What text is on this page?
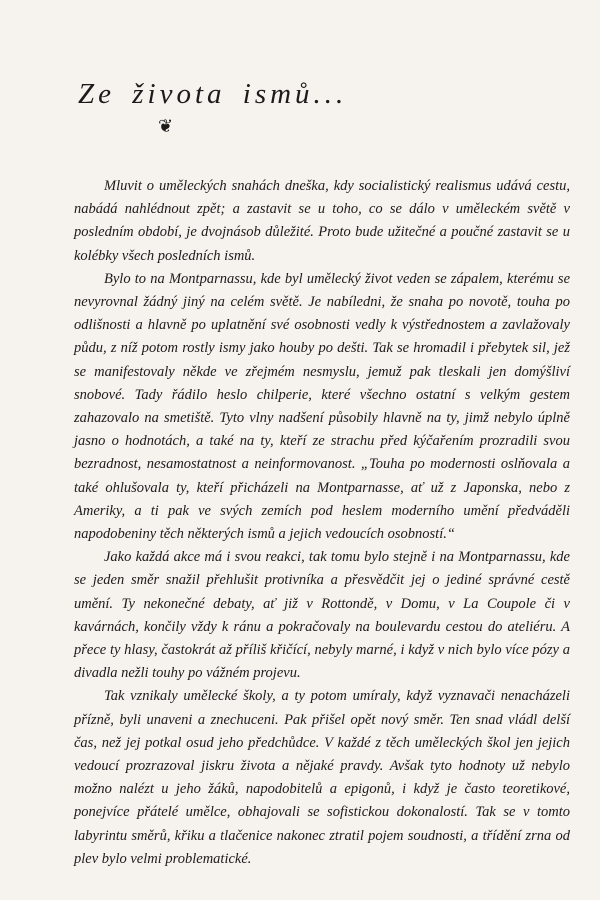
Ze života ismů...
❦

Mluvit o uměleckých snahách dneška, kdy socialistický realismus udává cestu, nabádá nahlédnout zpět; a zastavit se u toho, co se dálo v uměleckém světě v posledním období, je dvojnásob důležité. Proto bude užitečné a poučné zastavit se u kolébky všech posledních ismů.

Bylo to na Montparnassu, kde byl umělecký život veden se zápalem, kterému se nevyrovnal žádný jiný na celém světě. Je nabíledni, že snaha po novotě, touha po odlišnosti a hlavně po uplatnění své osobnosti vedly k výstřednostem a zavlažovaly půdu, z níž potom rostly ismy jako houby po dešti. Tak se hromadil i přebytek sil, jež se manifestovaly někde ve zřejmém nesmyslu, jemuž pak tleskali jen domýšliví snobové. Tady řádilo heslo chilperie, které všechno ostatní s velkým gestem zahazovalo na smetiště. Tyto vlny nadšení působily hlavně na ty, jimž nebylo úplně jasno o hodnotách, a také na ty, kteří ze strachu před kýčařením prozradili svou bezradnost, nesamostatnost a neinformovanost. „Touha po modernosti oslňovala a také ohlušovala ty, kteří přicházeli na Montparnasse, ať už z Japonska, nebo z Ameriky, a ti pak ve svých zemích pod heslem moderního umění předváděli napodobeniny těch některých ismů a jejich vedoucích osobností.“

Jako každá akce má i svou reakci, tak tomu bylo stejně i na Montparnassu, kde se jeden směr snažil přehlušit protivníka a přesvědčit jej o jediné správné cestě umění. Ty nekonečné debaty, ať již v Rottondě, v Domu, v La Coupole či v kavárnách, končily vždy k ránu a pokračovaly na boulevardu cestou do ateliéru. A přece ty hlasy, častokrát až příliš křičící, nebyly marné, i když v nich bylo více pózy a divadla nežli touhy po vážném projevu.

Tak vznikaly umělecké školy, a ty potom umíraly, když vyznavači nenacházeli přízně, byli unaveni a znechuceni. Pak přišel opět nový směr. Ten snad vládl delší čas, než jej potkal osud jeho předchůdce. V každé z těch uměleckých škol jen jejich vedoucí prozrazoval jiskru života a nějaké pravdy. Avšak tyto hodnoty už nebylo možno nalézt u jeho žáků, napodobitelů a epigonů, i když je často teoretikové, ponejvíce přátelé umělce, obhajovali se sofistickou dokonalostí. Tak se v tomto labyrintu směrů, křiku a tlačenice nakonec ztratil pojem soudnosti, a třídění zrna od plev bylo velmi problematické.
